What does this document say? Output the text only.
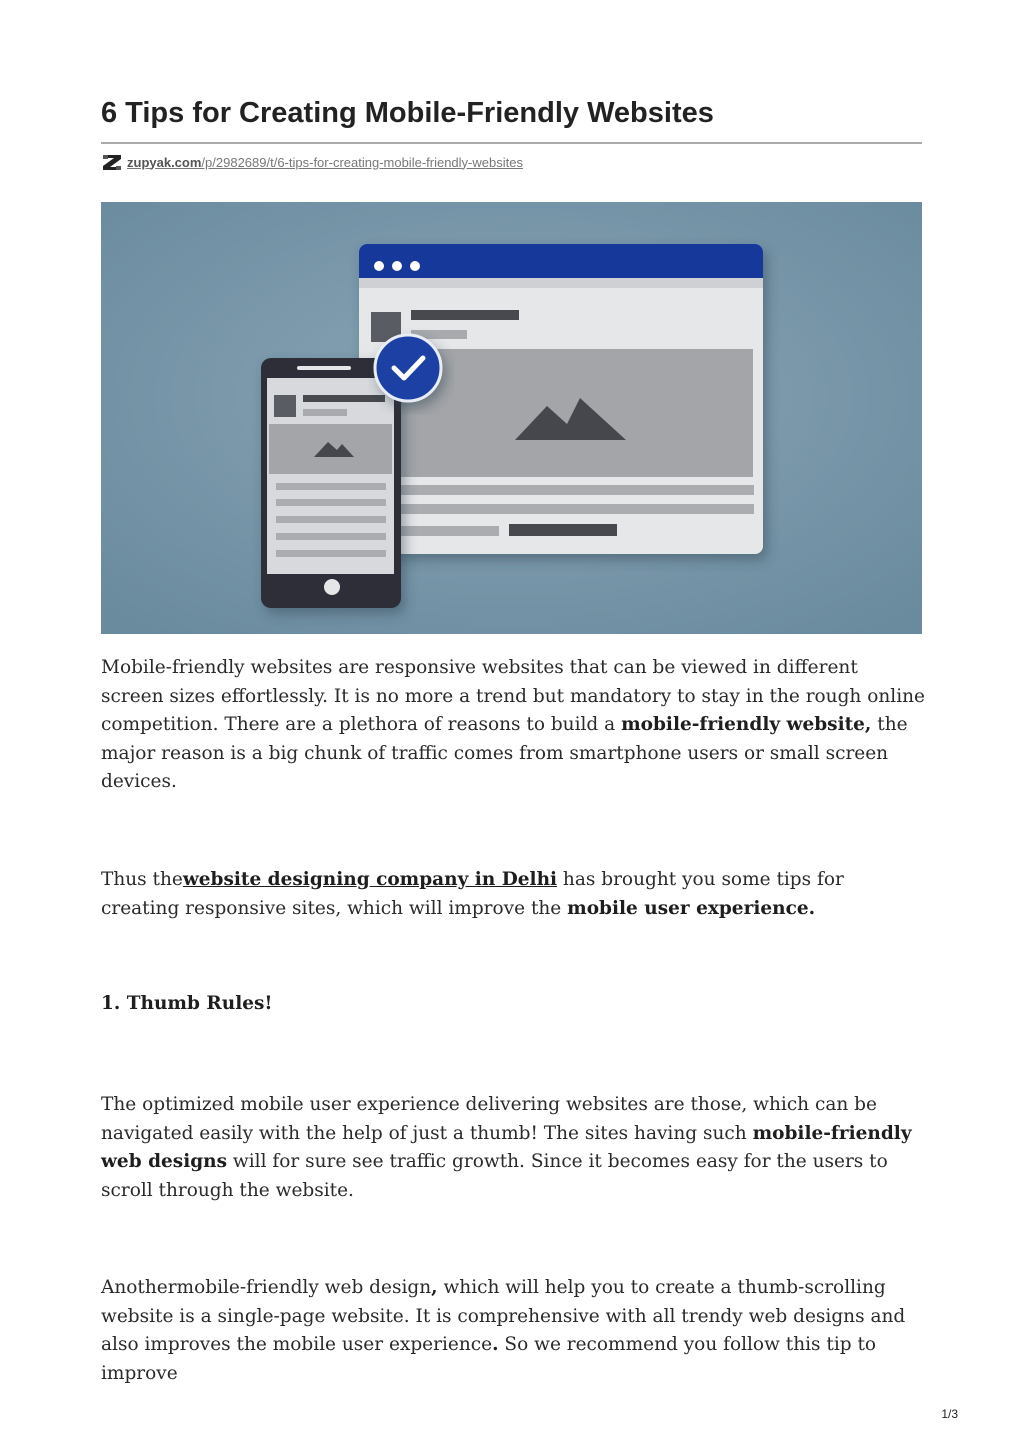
6 Tips for Creating Mobile-Friendly Websites
zupyak.com/p/2982689/t/6-tips-for-creating-mobile-friendly-websites
Mobile-friendly websites are responsive websites that can be viewed in different screen sizes effortlessly. It is no more a trend but mandatory to stay in the rough online competition. There are a plethora of reasons to build a mobile-friendly website, the major reason is a big chunk of traffic comes from smartphone users or small screen devices.
Thus thewebsite designing company in Delhi has brought you some tips for creating responsive sites, which will improve the mobile user experience.
1. Thumb Rules!
The optimized mobile user experience delivering websites are those, which can be navigated easily with the help of just a thumb! The sites having such mobile-friendly web designs will for sure see traffic growth. Since it becomes easy for the users to scroll through the website.
Anothermobile-friendly web design, which will help you to create a thumb-scrolling website is a single-page website. It is comprehensive with all trendy web designs and also improves the mobile user experience. So we recommend you follow this tip to improve
1/3
